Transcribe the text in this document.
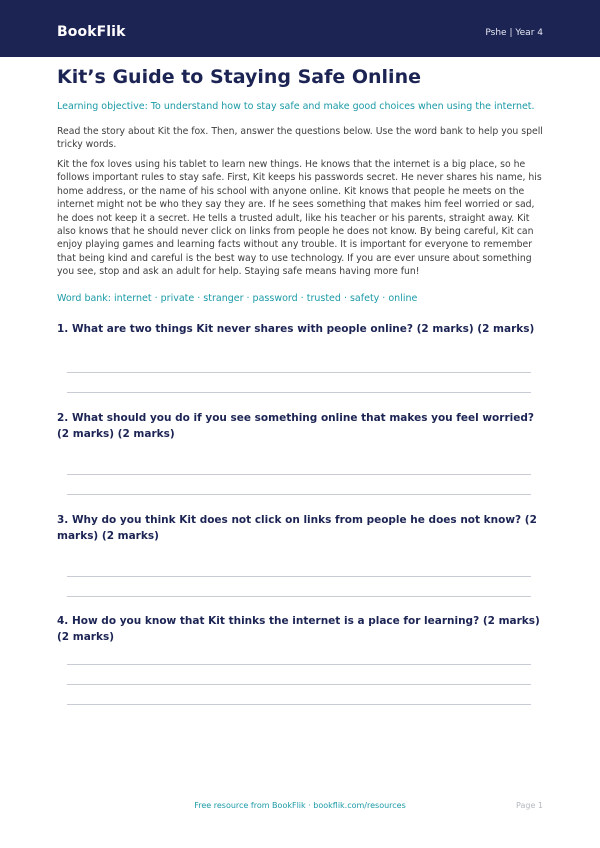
BookFlik	Pshe | Year 4
Kit’s Guide to Staying Safe Online

Learning objective: To understand how to stay safe and make good choices when using the internet.

Read the story about Kit the fox. Then, answer the questions below. Use the word bank to help you spell tricky words.

Kit the fox loves using his tablet to learn new things. He knows that the internet is a big place, so he follows important rules to stay safe. First, Kit keeps his passwords secret. He never shares his name, his home address, or the name of his school with anyone online. Kit knows that people he meets on the internet might not be who they say they are. If he sees something that makes him feel worried or sad, he does not keep it a secret. He tells a trusted adult, like his teacher or his parents, straight away. Kit also knows that he should never click on links from people he does not know. By being careful, Kit can enjoy playing games and learning facts without any trouble. It is important for everyone to remember that being kind and careful is the best way to use technology. If you are ever unsure about something you see, stop and ask an adult for help. Staying safe means having more fun!

Word bank: internet · private · stranger · password · trusted · safety · online

1. What are two things Kit never shares with people online? (2 marks) (2 marks)
2. What should you do if you see something online that makes you feel worried? (2 marks) (2 marks)
3. Why do you think Kit does not click on links from people he does not know? (2 marks) (2 marks)
4. How do you know that Kit thinks the internet is a place for learning? (2 marks) (2 marks)
Free resource from BookFlik · bookflik.com/resources	Page 1
